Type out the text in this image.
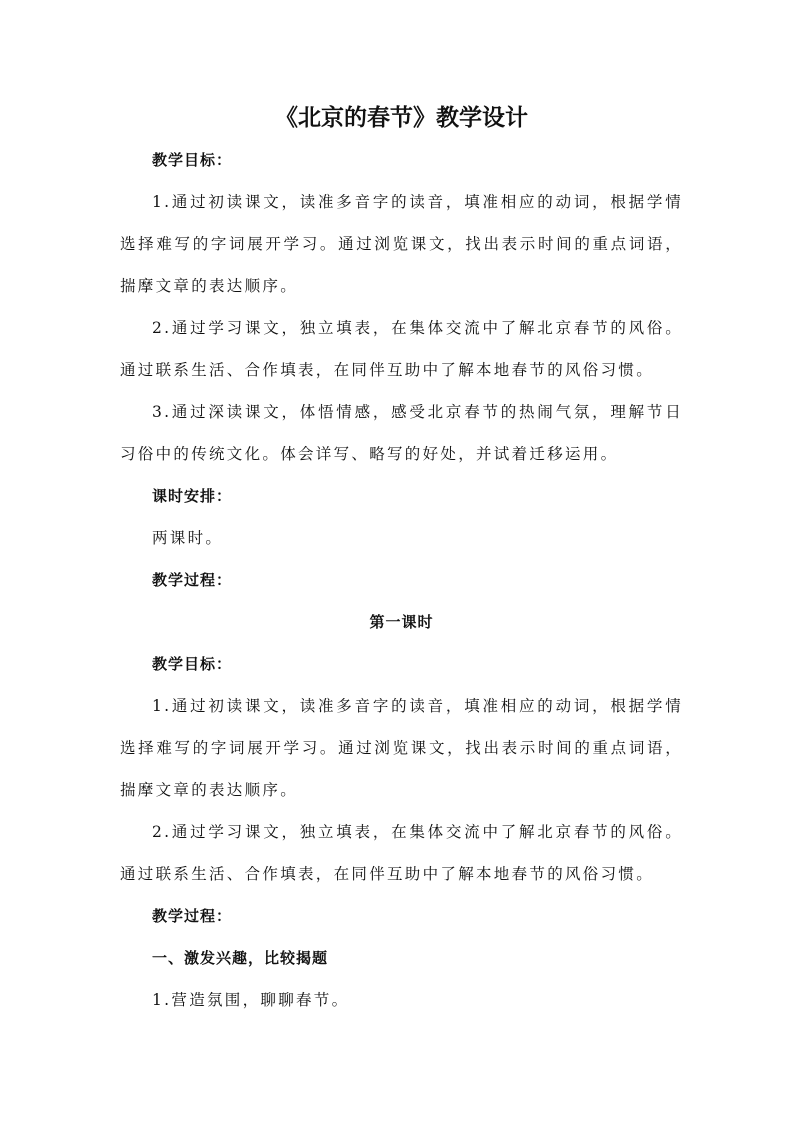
《北京的春节》教学设计

教学目标：

1.通过初读课文，读准多音字的读音，填准相应的动词，根据学情选择难写的字词展开学习。通过浏览课文，找出表示时间的重点词语，揣摩文章的表达顺序。

2.通过学习课文，独立填表，在集体交流中了解北京春节的风俗。通过联系生活、合作填表，在同伴互助中了解本地春节的风俗习惯。

3.通过深读课文，体悟情感，感受北京春节的热闹气氛，理解节日习俗中的传统文化。体会详写、略写的好处，并试着迁移运用。

课时安排：

两课时。

教学过程：

第一课时

教学目标：

1.通过初读课文，读准多音字的读音，填准相应的动词，根据学情选择难写的字词展开学习。通过浏览课文，找出表示时间的重点词语，揣摩文章的表达顺序。

2.通过学习课文，独立填表，在集体交流中了解北京春节的风俗。通过联系生活、合作填表，在同伴互助中了解本地春节的风俗习惯。

教学过程：

一、激发兴趣，比较揭题

1.营造氛围，聊聊春节。
